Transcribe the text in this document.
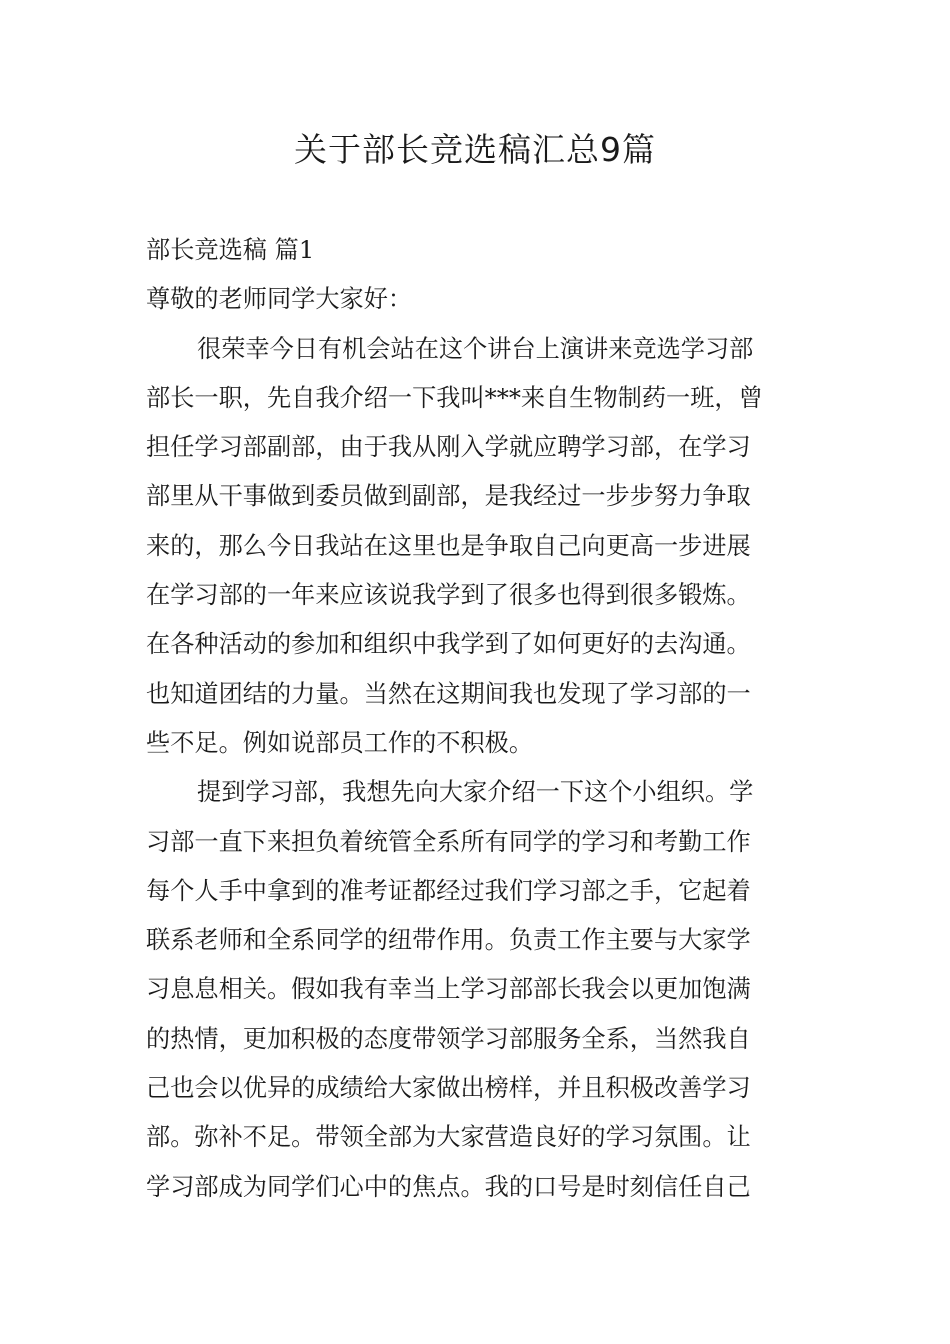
关于部长竞选稿汇总9篇

部长竞选稿 篇1

尊敬的老师同学大家好：

很荣幸今日有机会站在这个讲台上演讲来竞选学习部

部长一职，先自我介绍一下我叫***来自生物制药一班，曾

担任学习部副部，由于我从刚入学就应聘学习部，在学习

部里从干事做到委员做到副部，是我经过一步步努力争取

来的，那么今日我站在这里也是争取自己向更高一步进展

在学习部的一年来应该说我学到了很多也得到很多锻炼。

在各种活动的参加和组织中我学到了如何更好的去沟通。

也知道团结的力量。当然在这期间我也发现了学习部的一

些不足。例如说部员工作的不积极。

提到学习部，我想先向大家介绍一下这个小组织。学

习部一直下来担负着统管全系所有同学的学习和考勤工作

每个人手中拿到的准考证都经过我们学习部之手，它起着

联系老师和全系同学的纽带作用。负责工作主要与大家学

习息息相关。假如我有幸当上学习部部长我会以更加饱满

的热情，更加积极的态度带领学习部服务全系，当然我自

己也会以优异的成绩给大家做出榜样，并且积极改善学习

部。弥补不足。带领全部为大家营造良好的学习氛围。让

学习部成为同学们心中的焦点。我的口号是时刻信任自己
